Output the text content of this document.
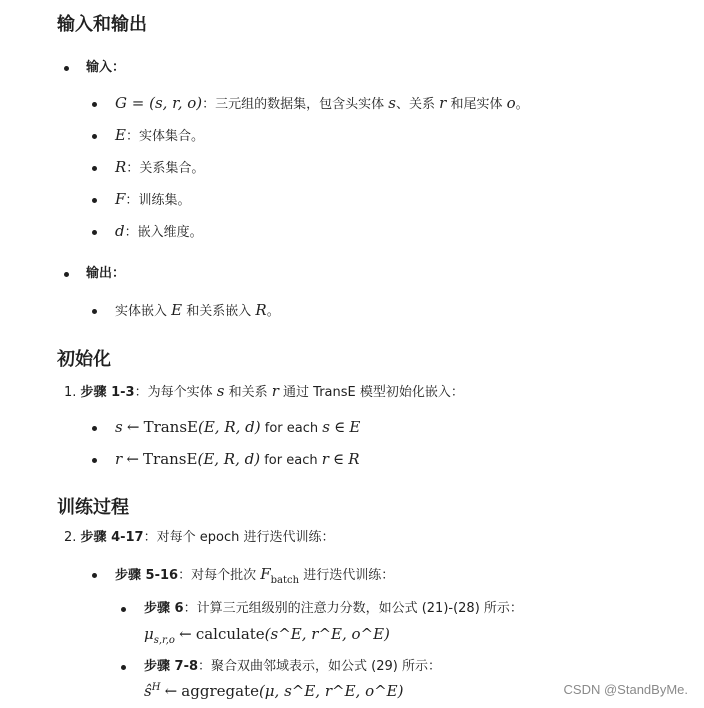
输入和输出
输入：
G = (s, r, o)：三元组的数据集，包含头实体 s、关系 r 和尾实体 o。
E：实体集合。
R：关系集合。
F：训练集。
d：嵌入维度。
输出：
实体嵌入 E 和关系嵌入 R。
初始化
1. 步骤 1-3：为每个实体 s 和关系 r 通过 TransE 模型初始化嵌入：
s ← TransE(E, R, d) for each s ∈ E
r ← TransE(E, R, d) for each r ∈ R
训练过程
2. 步骤 4-17：对每个 epoch 进行迭代训练：
步骤 5-16：对每个批次 $F_{batch}$ 进行迭代训练：
步骤 6：计算三元组级别的注意力分数，如公式 (21)-(28) 所示：
$\mu_{s,r,o}$ ← calculate(s^E, r^E, o^E)
步骤 7-8：聚合双曲邻域表示，如公式 (29) 所示：
$ŝ^H$ ← aggregate(μ, s^E, r^E, o^E)	CSDN @StandByMe.
